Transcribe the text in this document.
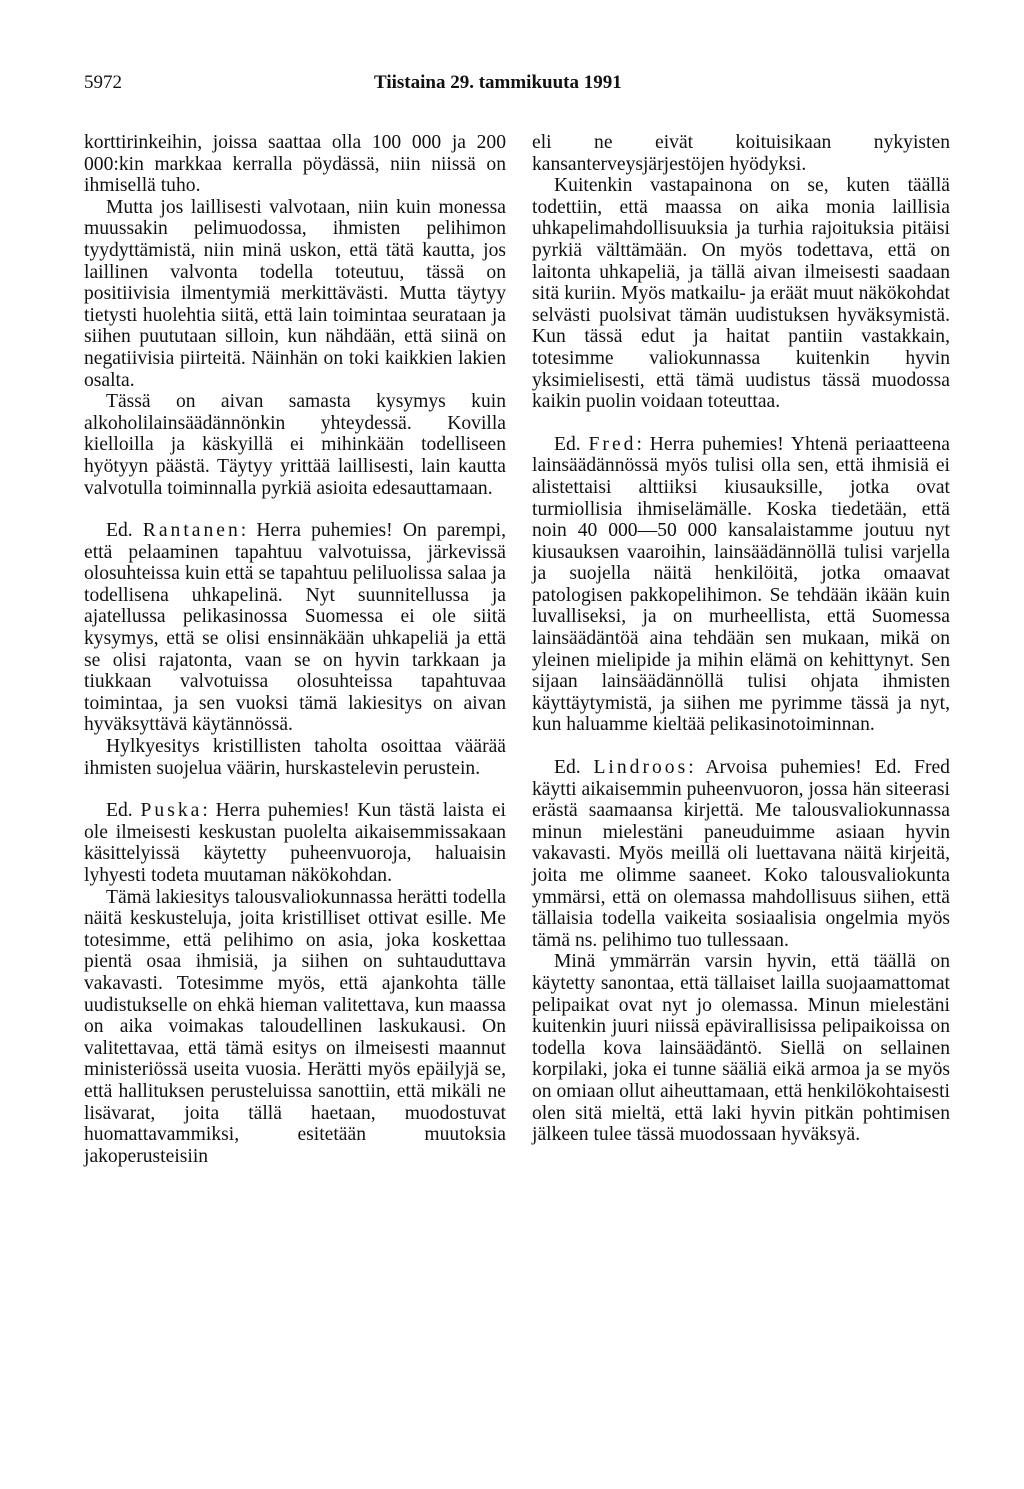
5972	Tiistaina 29. tammikuuta 1991

korttirinkeihin, joissa saattaa olla 100 000 ja 200 000:kin markkaa kerralla pöydässä, niin niissä on ihmisellä tuho.

Mutta jos laillisesti valvotaan, niin kuin monessa muussakin pelimuodossa, ihmisten pelihimon tyydyttämistä, niin minä uskon, että tätä kautta, jos laillinen valvonta todella toteutuu, tässä on positiivisia ilmentymiä merkittävästi. Mutta täytyy tietysti huolehtia siitä, että lain toimintaa seurataan ja siihen puututaan silloin, kun nähdään, että siinä on negatiivisia piirteitä. Näinhän on toki kaikkien lakien osalta.

Tässä on aivan samasta kysymys kuin alkoholilainsäädännönkin yhteydessä. Kovilla kielloilla ja käskyillä ei mihinkään todelliseen hyötyyn päästä. Täytyy yrittää laillisesti, lain kautta valvotulla toiminnalla pyrkiä asioita edesauttamaan.

Ed. Rantanen: Herra puhemies! On parempi, että pelaaminen tapahtuu valvotuissa, järkevissä olosuhteissa kuin että se tapahtuu peliluolissa salaa ja todellisena uhkapelinä. Nyt suunnitellussa ja ajatellussa pelikasinossa Suomessa ei ole siitä kysymys, että se olisi ensinnäkään uhkapeliä ja että se olisi rajatonta, vaan se on hyvin tarkkaan ja tiukkaan valvotuissa olosuhteissa tapahtuvaa toimintaa, ja sen vuoksi tämä lakiesitys on aivan hyväksyttävä käytännössä.

Hylkyesitys kristillisten taholta osoittaa väärää ihmisten suojelua väärin, hurskastelevin perustein.

Ed. Puska: Herra puhemies! Kun tästä laista ei ole ilmeisesti keskustan puolelta aikaisemmissakaan käsittelyissä käytetty puheenvuoroja, haluaisin lyhyesti todeta muutaman näkökohdan.

Tämä lakiesitys talousvaliokunnassa herätti todella näitä keskusteluja, joita kristilliset ottivat esille. Me totesimme, että pelihimo on asia, joka koskettaa pientä osaa ihmisiä, ja siihen on suhtauduttava vakavasti. Totesimme myös, että ajankohta tälle uudistukselle on ehkä hieman valitettava, kun maassa on aika voimakas taloudellinen laskukausi. On valitettavaa, että tämä esitys on ilmeisesti maannut ministeriössä useita vuosia. Herätti myös epäilyjä se, että hallituksen perusteluissa sanottiin, että mikäli ne lisävarat, joita tällä haetaan, muodostuvat huomattavammiksi, esitetään muutoksia jakoperusteisiin

eli ne eivät koituisikaan nykyisten kansanterveysjärjestöjen hyödyksi.

Kuitenkin vastapainona on se, kuten täällä todettiin, että maassa on aika monia laillisia uhkapelimahdollisuuksia ja turhia rajoituksia pitäisi pyrkiä välttämään. On myös todettava, että on laitonta uhkapeliä, ja tällä aivan ilmeisesti saadaan sitä kuriin. Myös matkailu- ja eräät muut näkökohdat selvästi puolsivat tämän uudistuksen hyväksymistä. Kun tässä edut ja haitat pantiin vastakkain, totesimme valiokunnassa kuitenkin hyvin yksimielisesti, että tämä uudistus tässä muodossa kaikin puolin voidaan toteuttaa.

Ed. Fred: Herra puhemies! Yhtenä periaatteena lainsäädännössä myös tulisi olla sen, että ihmisiä ei alistettaisi alttiiksi kiusauksille, jotka ovat turmiollisia ihmiselämälle. Koska tiedetään, että noin 40 000—50 000 kansalaistamme joutuu nyt kiusauksen vaaroihin, lainsäädännöllä tulisi varjella ja suojella näitä henkilöitä, jotka omaavat patologisen pakkopelihimon. Se tehdään ikään kuin luvalliseksi, ja on murheellista, että Suomessa lainsäädäntöä aina tehdään sen mukaan, mikä on yleinen mielipide ja mihin elämä on kehittynyt. Sen sijaan lainsäädännöllä tulisi ohjata ihmisten käyttäytymistä, ja siihen me pyrimme tässä ja nyt, kun haluamme kieltää pelikasinotoiminnan.

Ed. Lindroos: Arvoisa puhemies! Ed. Fred käytti aikaisemmin puheenvuoron, jossa hän siteerasi erästä saamaansa kirjettä. Me talousvaliokunnassa minun mielestäni paneuduimme asiaan hyvin vakavasti. Myös meillä oli luettavana näitä kirjeitä, joita me olimme saaneet. Koko talousvaliokunta ymmärsi, että on olemassa mahdollisuus siihen, että tällaisia todella vaikeita sosiaalisia ongelmia myös tämä ns. pelihimo tuo tullessaan.

Minä ymmärrän varsin hyvin, että täällä on käytetty sanontaa, että tällaiset lailla suojaamattomat pelipaikat ovat nyt jo olemassa. Minun mielestäni kuitenkin juuri niissä epävirallisissa pelipaikoissa on todella kova lainsäädäntö. Siellä on sellainen korpilaki, joka ei tunne sääliä eikä armoa ja se myös on omiaan ollut aiheuttamaan, että henkilökohtaisesti olen sitä mieltä, että laki hyvin pitkän pohtimisen jälkeen tulee tässä muodossaan hyväksyä.
